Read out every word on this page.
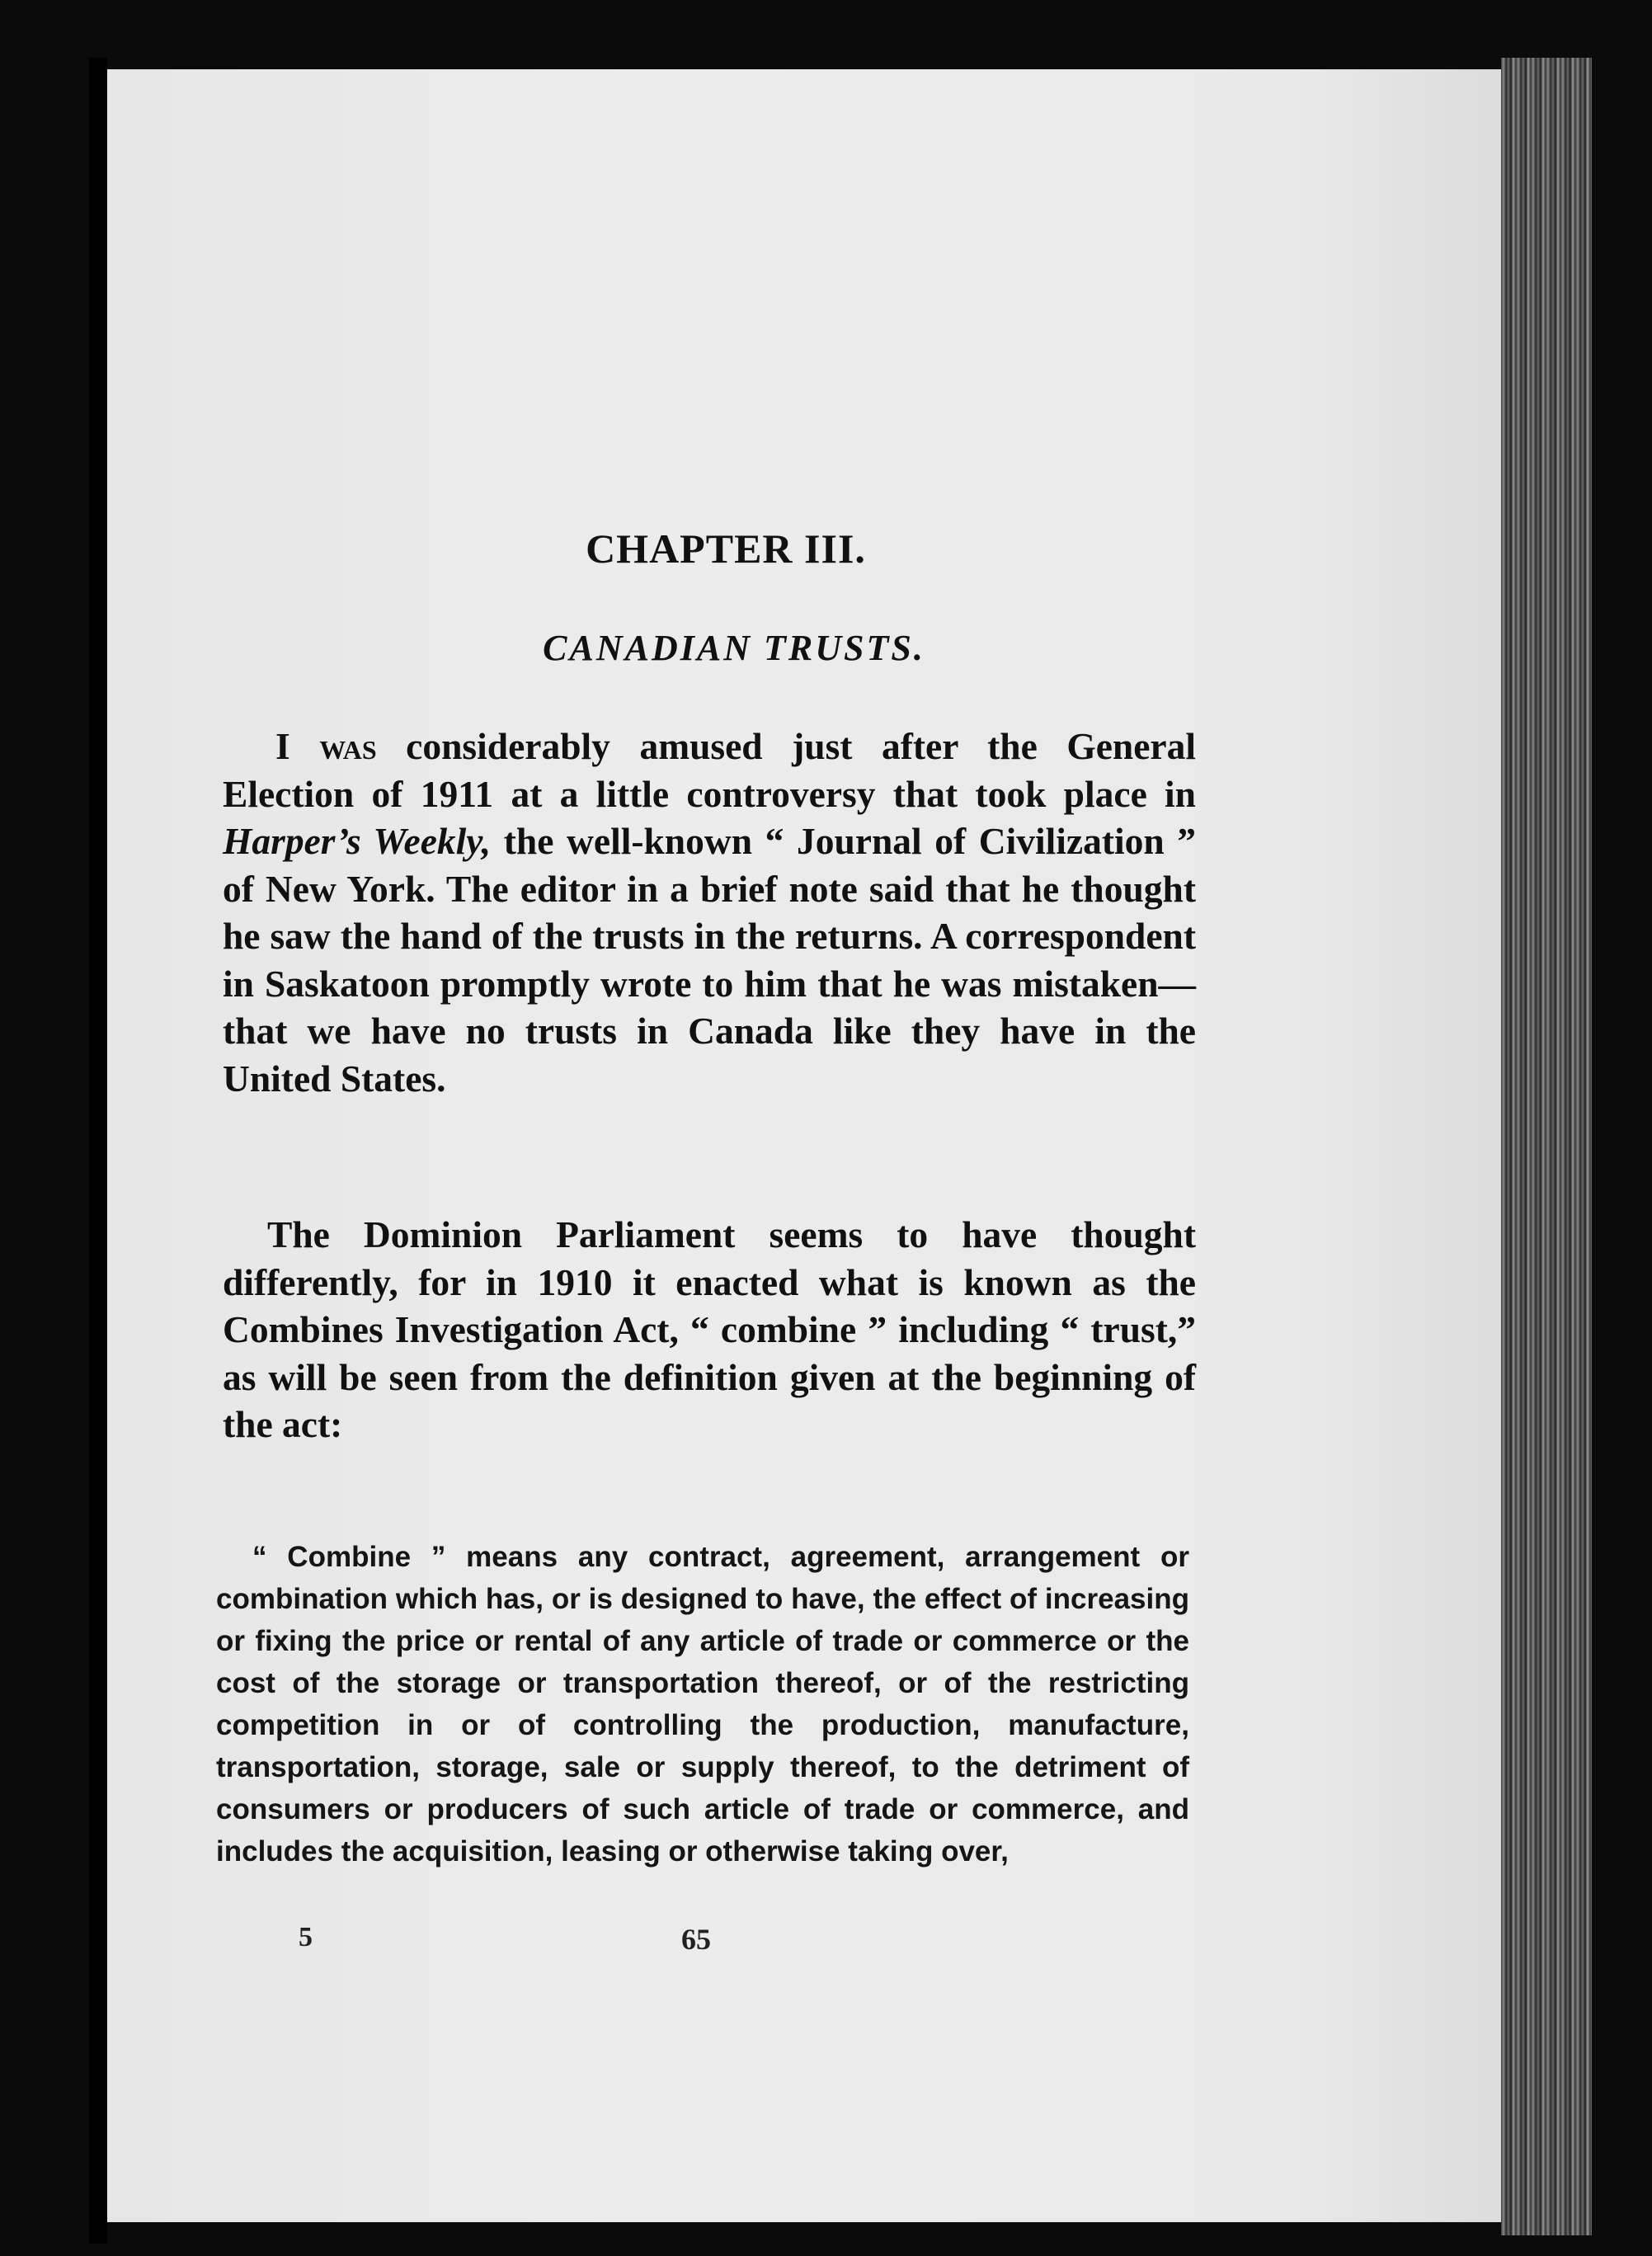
CHAPTER III.
CANADIAN TRUSTS.

I was considerably amused just after the General Election of 1911 at a little controversy that took place in Harper’s Weekly, the well-known “ Journal of Civilization ” of New York. The editor in a brief note said that he thought he saw the hand of the trusts in the returns. A correspondent in Saskatoon promptly wrote to him that he was mistaken—that we have no trusts in Canada like they have in the United States.

The Dominion Parliament seems to have thought differently, for in 1910 it enacted what is known as the Combines Investigation Act, “ combine ” including “ trust,” as will be seen from the definition given at the beginning of the act:

“ Combine ” means any contract, agreement, arrangement or combination which has, or is designed to have, the effect of increasing or fixing the price or rental of any article of trade or commerce or the cost of the storage or transportation thereof, or of the restricting competition in or of controlling the production, manufacture, transportation, storage, sale or supply thereof, to the detriment of consumers or producers of such article of trade or commerce, and includes the acquisition, leasing or otherwise taking over,

5	65
